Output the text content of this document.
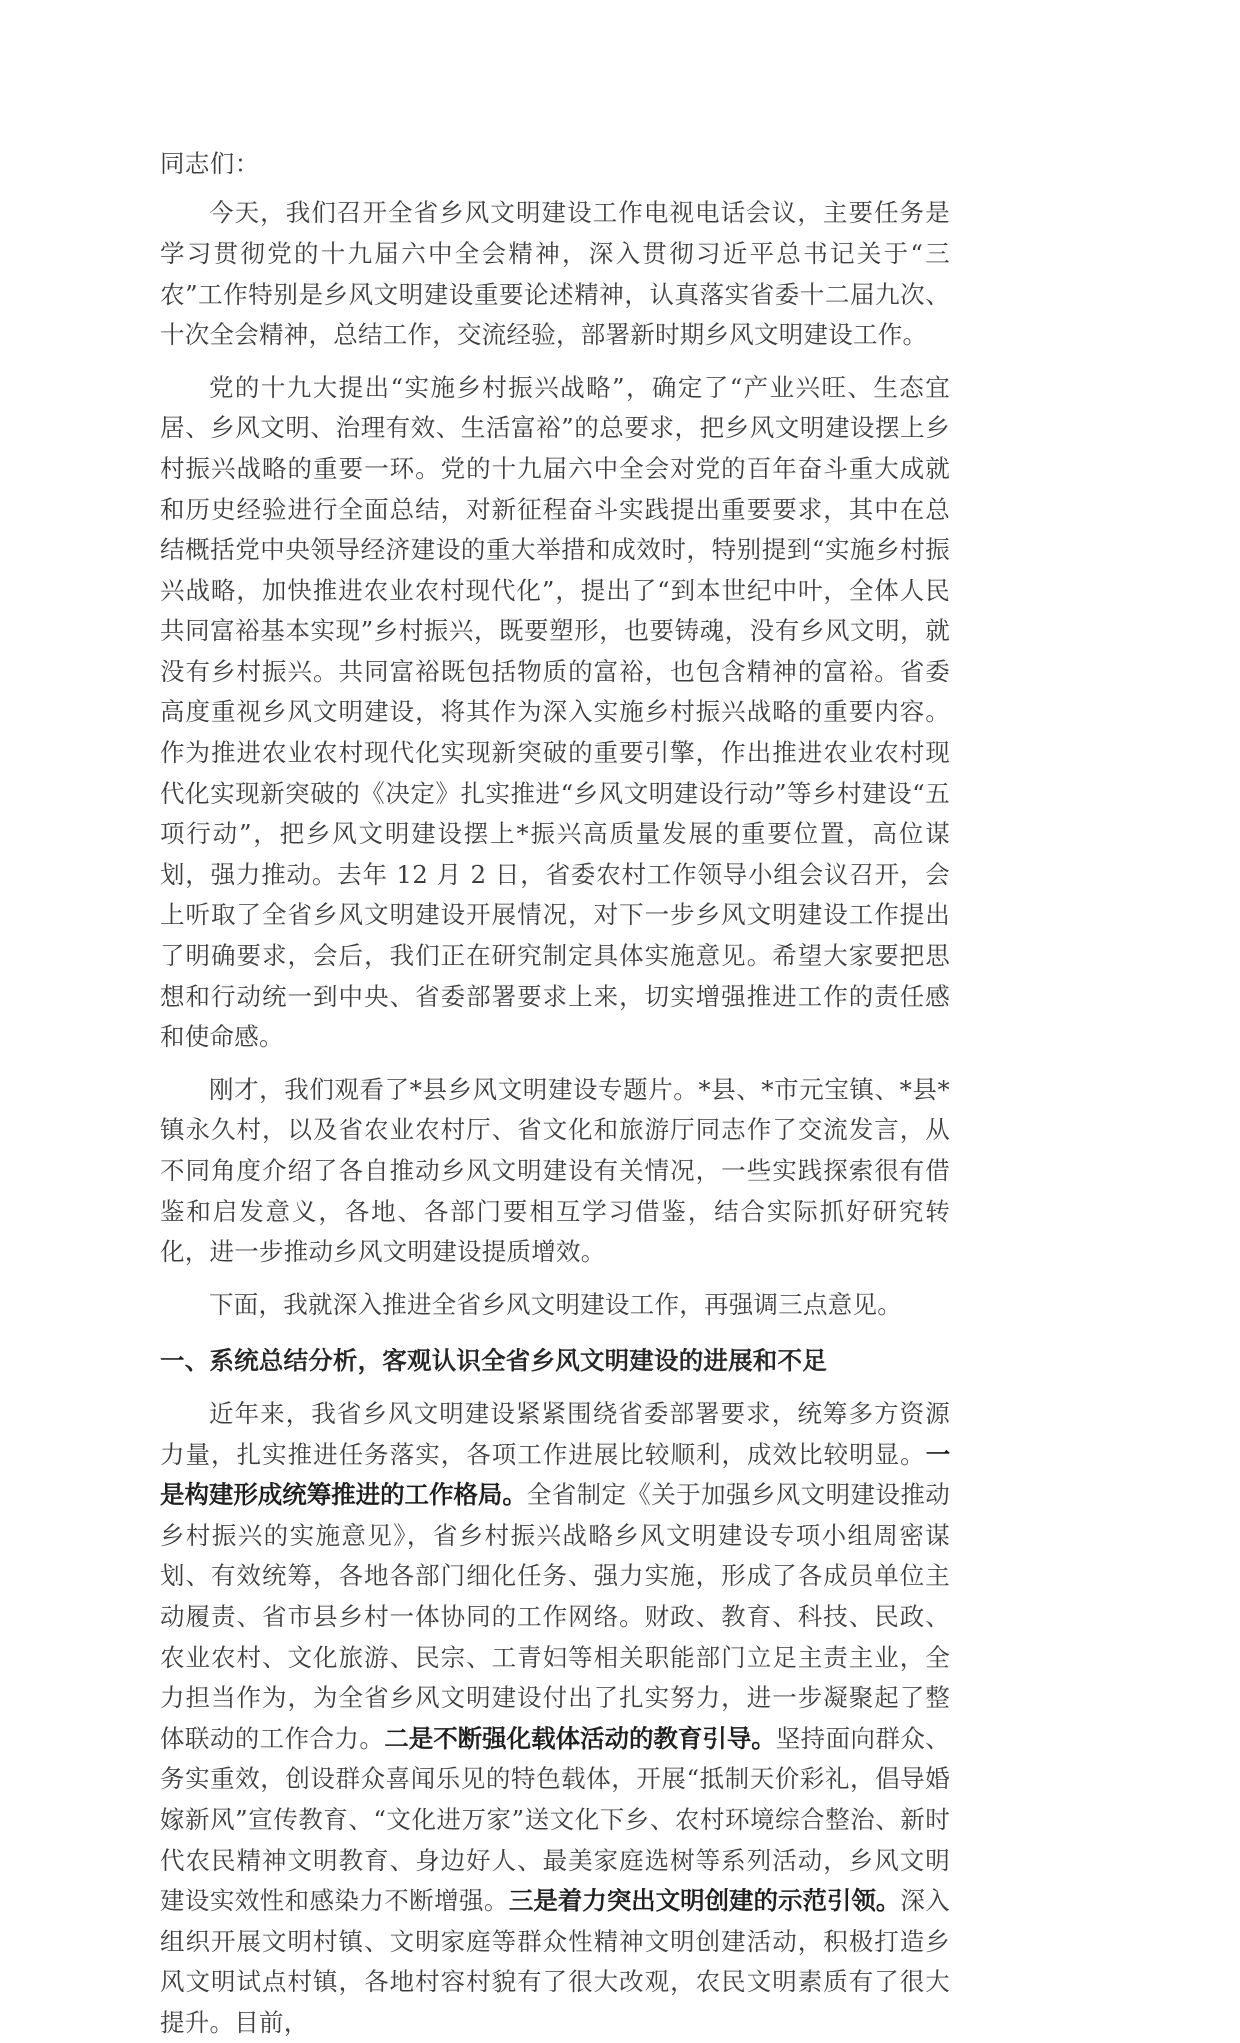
同志们：

今天，我们召开全省乡风文明建设工作电视电话会议，主要任务是学习贯彻党的十九届六中全会精神，深入贯彻习近平总书记关于“三农”工作特别是乡风文明建设重要论述精神，认真落实省委十二届九次、十次全会精神，总结工作，交流经验，部署新时期乡风文明建设工作。

党的十九大提出“实施乡村振兴战略”，确定了“产业兴旺、生态宜居、乡风文明、治理有效、生活富裕”的总要求，把乡风文明建设摆上乡村振兴战略的重要一环。党的十九届六中全会对党的百年奋斗重大成就和历史经验进行全面总结，对新征程奋斗实践提出重要要求，其中在总结概括党中央领导经济建设的重大举措和成效时，特别提到“实施乡村振兴战略，加快推进农业农村现代化”，提出了“到本世纪中叶，全体人民共同富裕基本实现”乡村振兴，既要塑形，也要铸魂，没有乡风文明，就没有乡村振兴。共同富裕既包括物质的富裕，也包含精神的富裕。省委高度重视乡风文明建设，将其作为深入实施乡村振兴战略的重要内容。作为推进农业农村现代化实现新突破的重要引擎，作出推进农业农村现代化实现新突破的《决定》扎实推进“乡风文明建设行动”等乡村建设“五项行动”，把乡风文明建设摆上*振兴高质量发展的重要位置，高位谋划，强力推动。去年 12 月 2 日，省委农村工作领导小组会议召开，会上听取了全省乡风文明建设开展情况，对下一步乡风文明建设工作提出了明确要求，会后，我们正在研究制定具体实施意见。希望大家要把思想和行动统一到中央、省委部署要求上来，切实增强推进工作的责任感和使命感。

刚才，我们观看了*县乡风文明建设专题片。*县、*市元宝镇、*县*镇永久村，以及省农业农村厅、省文化和旅游厅同志作了交流发言，从不同角度介绍了各自推动乡风文明建设有关情况，一些实践探索很有借鉴和启发意义，各地、各部门要相互学习借鉴，结合实际抓好研究转化，进一步推动乡风文明建设提质增效。

下面，我就深入推进全省乡风文明建设工作，再强调三点意见。

一、系统总结分析，客观认识全省乡风文明建设的进展和不足

近年来，我省乡风文明建设紧紧围绕省委部署要求，统筹多方资源力量，扎实推进任务落实，各项工作进展比较顺利，成效比较明显。一是构建形成统筹推进的工作格局。全省制定《关于加强乡风文明建设推动乡村振兴的实施意见》，省乡村振兴战略乡风文明建设专项小组周密谋划、有效统筹，各地各部门细化任务、强力实施，形成了各成员单位主动履责、省市县乡村一体协同的工作网络。财政、教育、科技、民政、农业农村、文化旅游、民宗、工青妇等相关职能部门立足主责主业，全力担当作为，为全省乡风文明建设付出了扎实努力，进一步凝聚起了整体联动的工作合力。二是不断强化载体活动的教育引导。坚持面向群众、务实重效，创设群众喜闻乐见的特色载体，开展“抵制天价彩礼，倡导婚嫁新风”宣传教育、“文化进万家”送文化下乡、农村环境综合整治、新时代农民精神文明教育、身边好人、最美家庭选树等系列活动，乡风文明建设实效性和感染力不断增强。三是着力突出文明创建的示范引领。深入组织开展文明村镇、文明家庭等群众性精神文明创建活动，积极打造乡风文明试点村镇，各地村容村貌有了很大改观，农民文明素质有了很大提升。目前，
